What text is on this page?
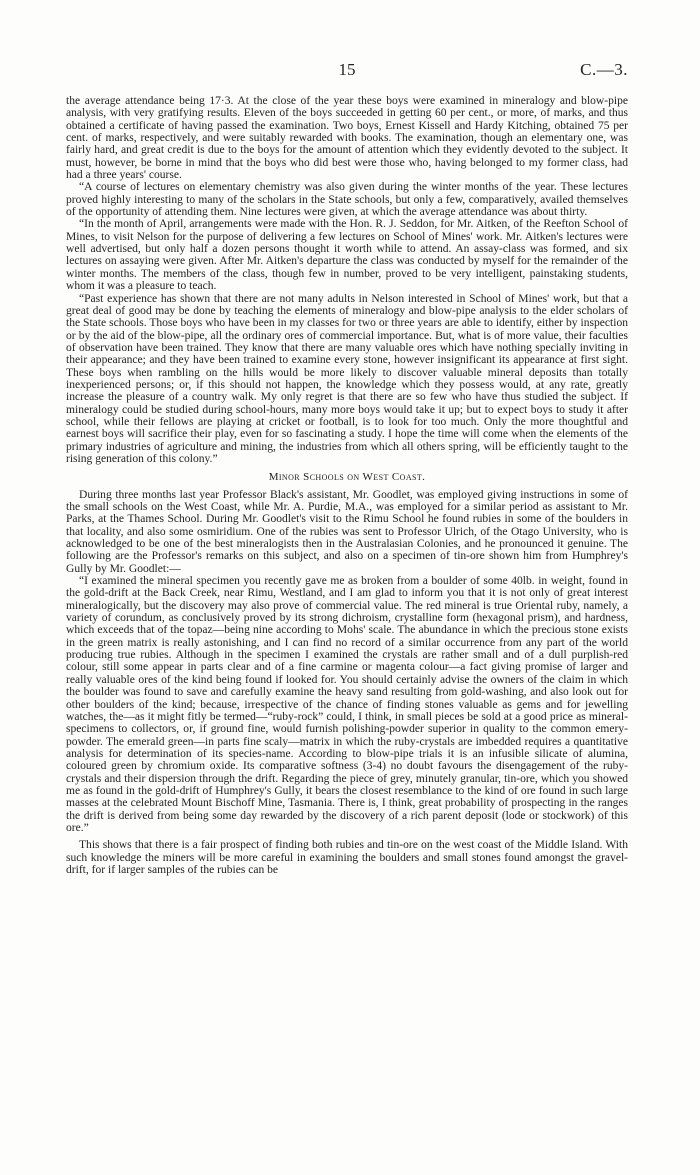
15	C.—3.

the average attendance being 17·3. At the close of the year these boys were examined in mineralogy and blow-pipe analysis, with very gratifying results. Eleven of the boys succeeded in getting 60 per cent., or more, of marks, and thus obtained a certificate of having passed the examination. Two boys, Ernest Kissell and Hardy Kitching, obtained 75 per cent. of marks, respectively, and were suitably rewarded with books. The examination, though an elementary one, was fairly hard, and great credit is due to the boys for the amount of attention which they evidently devoted to the subject. It must, however, be borne in mind that the boys who did best were those who, having belonged to my former class, had had a three years' course.

“A course of lectures on elementary chemistry was also given during the winter months of the year. These lectures proved highly interesting to many of the scholars in the State schools, but only a few, comparatively, availed themselves of the opportunity of attending them. Nine lectures were given, at which the average attendance was about thirty.

“In the month of April, arrangements were made with the Hon. R. J. Seddon, for Mr. Aitken, of the Reefton School of Mines, to visit Nelson for the purpose of delivering a few lectures on School of Mines' work. Mr. Aitken's lectures were well advertised, but only half a dozen persons thought it worth while to attend. An assay-class was formed, and six lectures on assaying were given. After Mr. Aitken's departure the class was conducted by myself for the remainder of the winter months. The members of the class, though few in number, proved to be very intelligent, painstaking students, whom it was a pleasure to teach.

“Past experience has shown that there are not many adults in Nelson interested in School of Mines' work, but that a great deal of good may be done by teaching the elements of mineralogy and blow-pipe analysis to the elder scholars of the State schools. Those boys who have been in my classes for two or three years are able to identify, either by inspection or by the aid of the blow-pipe, all the ordinary ores of commercial importance. But, what is of more value, their faculties of observation have been trained. They know that there are many valuable ores which have nothing specially inviting in their appearance; and they have been trained to examine every stone, however insignificant its appearance at first sight. These boys when rambling on the hills would be more likely to discover valuable mineral deposits than totally inexperienced persons; or, if this should not happen, the knowledge which they possess would, at any rate, greatly increase the pleasure of a country walk. My only regret is that there are so few who have thus studied the subject. If mineralogy could be studied during school-hours, many more boys would take it up; but to expect boys to study it after school, while their fellows are playing at cricket or football, is to look for too much. Only the more thoughtful and earnest boys will sacrifice their play, even for so fascinating a study. I hope the time will come when the elements of the primary industries of agriculture and mining, the industries from which all others spring, will be efficiently taught to the rising generation of this colony.”

Minor Schools on West Coast.

During three months last year Professor Black's assistant, Mr. Goodlet, was employed giving instructions in some of the small schools on the West Coast, while Mr. A. Purdie, M.A., was employed for a similar period as assistant to Mr. Parks, at the Thames School. During Mr. Goodlet's visit to the Rimu School he found rubies in some of the boulders in that locality, and also some osmiridium. One of the rubies was sent to Professor Ulrich, of the Otago University, who is acknowledged to be one of the best mineralogists then in the Australasian Colonies, and he pronounced it genuine. The following are the Professor's remarks on this subject, and also on a specimen of tin-ore shown him from Humphrey's Gully by Mr. Goodlet:—

“I examined the mineral specimen you recently gave me as broken from a boulder of some 40lb. in weight, found in the gold-drift at the Back Creek, near Rimu, Westland, and I am glad to inform you that it is not only of great interest mineralogically, but the discovery may also prove of commercial value. The red mineral is true Oriental ruby, namely, a variety of corundum, as conclusively proved by its strong dichroism, crystalline form (hexagonal prism), and hardness, which exceeds that of the topaz—being nine according to Mohs' scale. The abundance in which the precious stone exists in the green matrix is really astonishing, and I can find no record of a similar occurrence from any part of the world producing true rubies. Although in the specimen I examined the crystals are rather small and of a dull purplish-red colour, still some appear in parts clear and of a fine carmine or magenta colour—a fact giving promise of larger and really valuable ores of the kind being found if looked for. You should certainly advise the owners of the claim in which the boulder was found to save and carefully examine the heavy sand resulting from gold-washing, and also look out for other boulders of the kind; because, irrespective of the chance of finding stones valuable as gems and for jewelling watches, the—as it might fitly be termed—“ruby-rock” could, I think, in small pieces be sold at a good price as mineral-specimens to collectors, or, if ground fine, would furnish polishing-powder superior in quality to the common emery-powder. The emerald green—in parts fine scaly—matrix in which the ruby-crystals are imbedded requires a quantitative analysis for determination of its species-name. According to blow-pipe trials it is an infusible silicate of alumina, coloured green by chromium oxide. Its comparative softness (3-4) no doubt favours the disengagement of the ruby-crystals and their dispersion through the drift. Regarding the piece of grey, minutely granular, tin-ore, which you showed me as found in the gold-drift of Humphrey's Gully, it bears the closest resemblance to the kind of ore found in such large masses at the celebrated Mount Bischoff Mine, Tasmania. There is, I think, great probability of prospecting in the ranges the drift is derived from being some day rewarded by the discovery of a rich parent deposit (lode or stockwork) of this ore.”

This shows that there is a fair prospect of finding both rubies and tin-ore on the west coast of the Middle Island. With such knowledge the miners will be more careful in examining the boulders and small stones found amongst the gravel-drift, for if larger samples of the rubies can be
